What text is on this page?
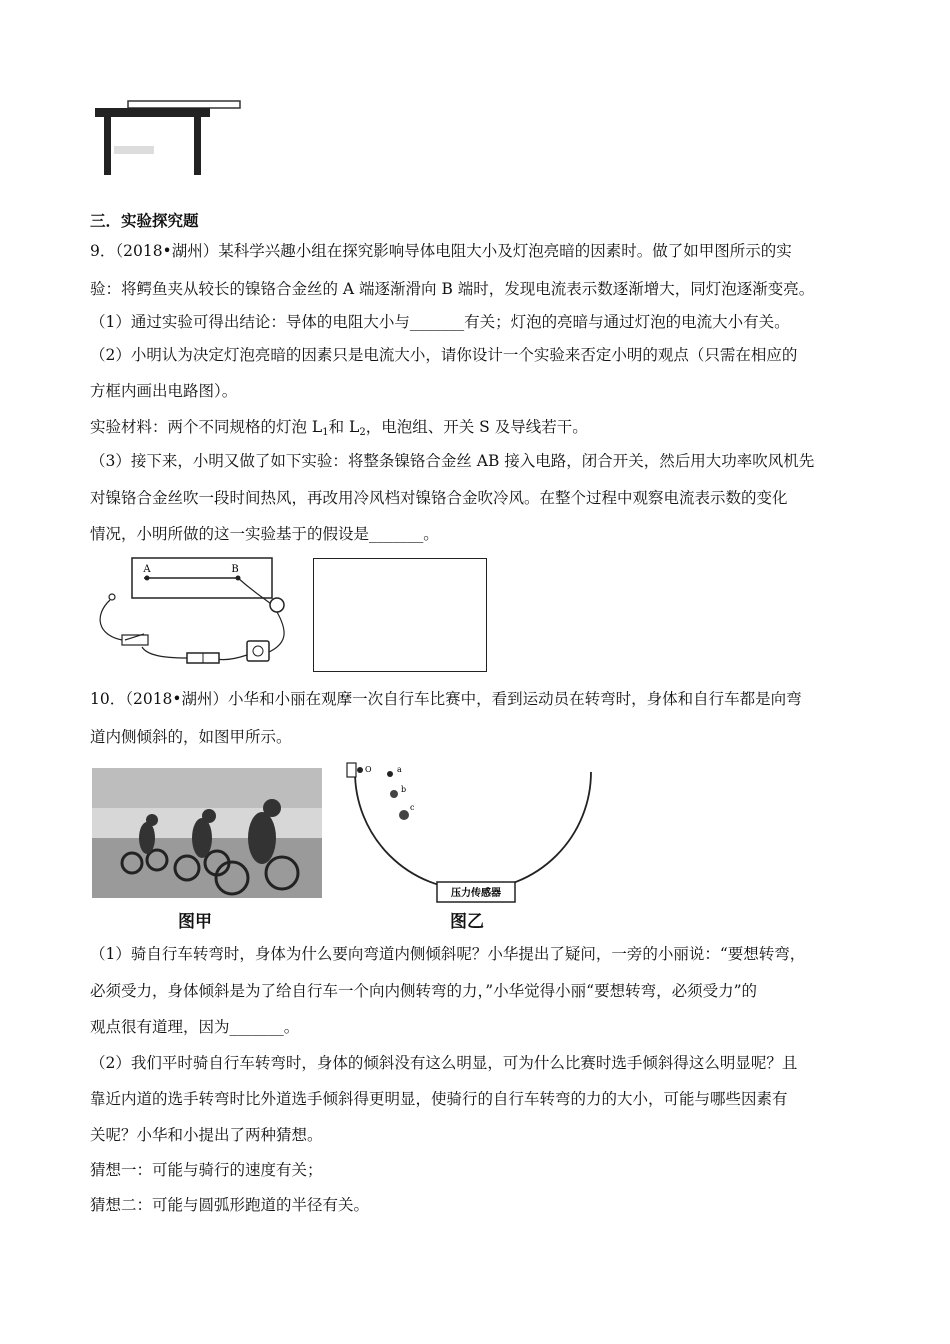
三．实验探究题
9．（2018•湖州）某科学兴趣小组在探究影响导体电阻大小及灯泡亮暗的因素时。做了如甲图所示的实
验：将鳄鱼夹从较长的镍铬合金丝的 A 端逐渐滑向 B 端时，发现电流表示数逐渐增大，同灯泡逐渐变亮。
（1）通过实验可得出结论：导体的电阻大小与_______有关；灯泡的亮暗与通过灯泡的电流大小有关。
（2）小明认为决定灯泡亮暗的因素只是电流大小，请你设计一个实验来否定小明的观点（只需在相应的
方框内画出电路图）。
实验材料：两个不同规格的灯泡 $L_1$和 $L_2$，电泡组、开关 S 及导线若干。
（3）接下来，小明又做了如下实验：将整条镍铬合金丝 AB 接入电路，闭合开关，然后用大功率吹风机先
对镍铬合金丝吹一段时间热风，再改用冷风档对镍铬合金吹冷风。在整个过程中观察电流表示数的变化
情况，小明所做的这一实验基于的假设是_______。
A	B
10．（2018•湖州）小华和小丽在观摩一次自行车比赛中，看到运动员在转弯时，身体和自行车都是向弯
道内侧倾斜的，如图甲所示。
O	a
b
c
压力传感器
图甲	图乙
（1）骑自行车转弯时，身体为什么要向弯道内侧倾斜呢？小华提出了疑问，一旁的小丽说：“要想转弯，
必须受力，身体倾斜是为了给自行车一个向内侧转弯的力，”小华觉得小丽“要想转弯，必须受力”的
观点很有道理，因为_______。
（2）我们平时骑自行车转弯时，身体的倾斜没有这么明显，可为什么比赛时选手倾斜得这么明显呢？且
靠近内道的选手转弯时比外道选手倾斜得更明显，使骑行的自行车转弯的力的大小，可能与哪些因素有
关呢？小华和小提出了两种猜想。
猜想一：可能与骑行的速度有关；
猜想二：可能与圆弧形跑道的半径有关。
